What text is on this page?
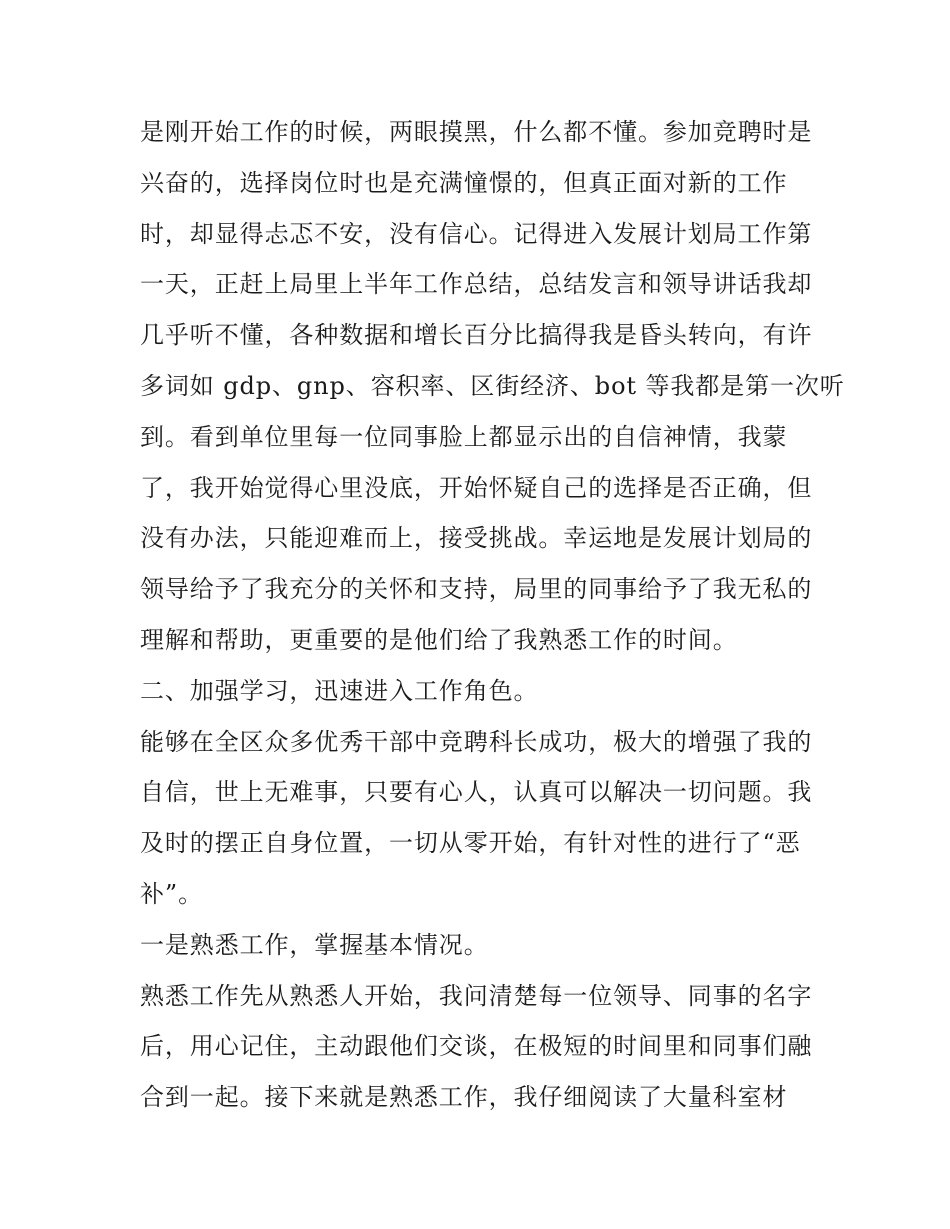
是刚开始工作的时候，两眼摸黑，什么都不懂。参加竞聘时是
兴奋的，选择岗位时也是充满憧憬的，但真正面对新的工作
时，却显得忐忑不安，没有信心。记得进入发展计划局工作第
一天，正赶上局里上半年工作总结，总结发言和领导讲话我却
几乎听不懂，各种数据和增长百分比搞得我是昏头转向，有许
多词如 gdp、gnp、容积率、区街经济、bot 等我都是第一次听
到。看到单位里每一位同事脸上都显示出的自信神情，我蒙
了，我开始觉得心里没底，开始怀疑自己的选择是否正确，但
没有办法，只能迎难而上，接受挑战。幸运地是发展计划局的
领导给予了我充分的关怀和支持，局里的同事给予了我无私的
理解和帮助，更重要的是他们给了我熟悉工作的时间。
二、加强学习，迅速进入工作角色。
能够在全区众多优秀干部中竞聘科长成功，极大的增强了我的
自信，世上无难事，只要有心人，认真可以解决一切问题。我
及时的摆正自身位置，一切从零开始，有针对性的进行了“恶
补”。
一是熟悉工作，掌握基本情况。
熟悉工作先从熟悉人开始，我问清楚每一位领导、同事的名字
后，用心记住，主动跟他们交谈，在极短的时间里和同事们融
合到一起。接下来就是熟悉工作，我仔细阅读了大量科室材
